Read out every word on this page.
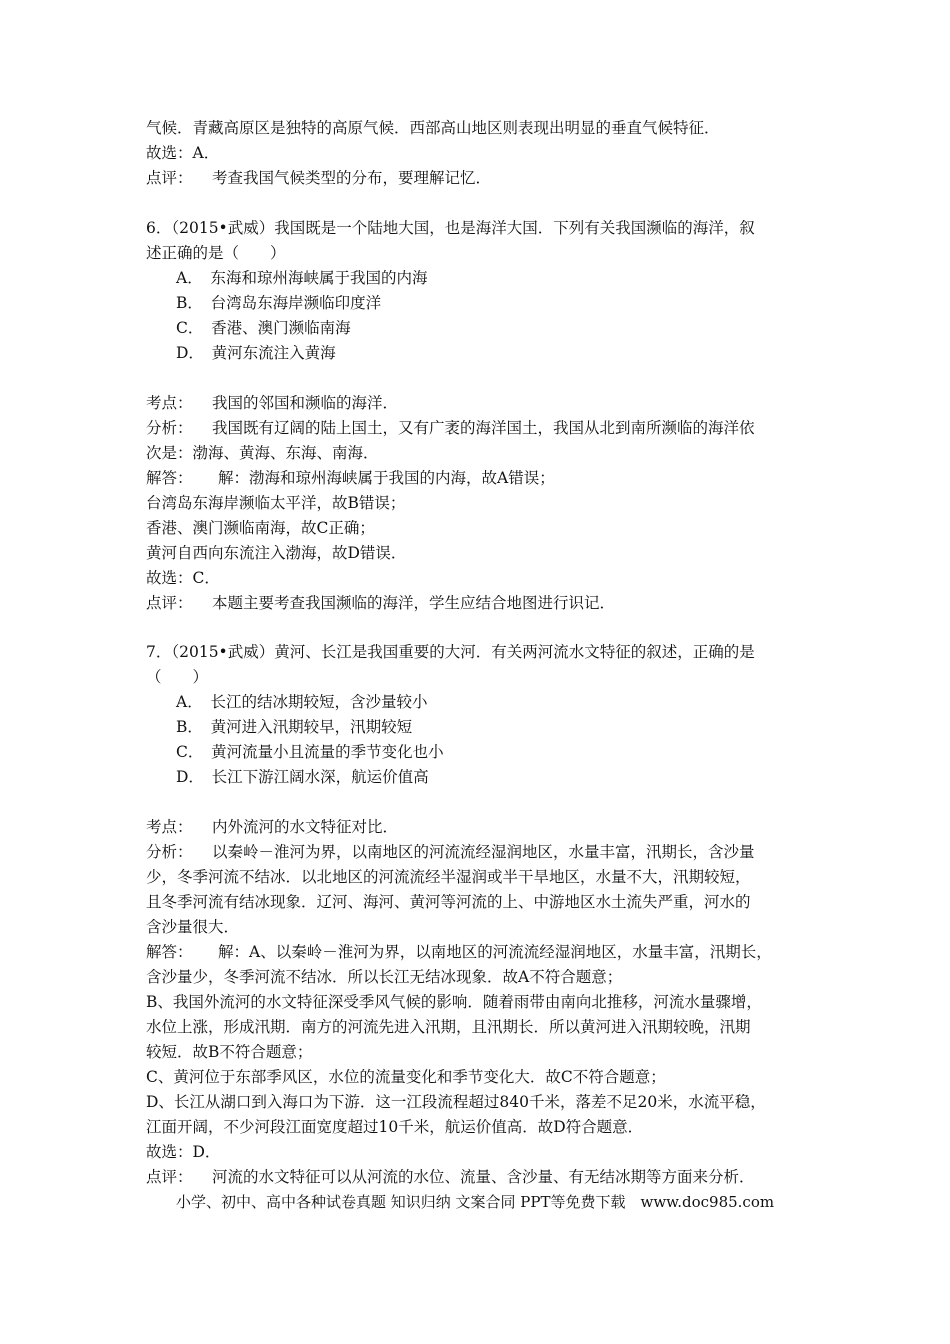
气候．青藏高原区是独特的高原气候．西部高山地区则表现出明显的垂直气候特征．
故选：A．
点评： 考查我国气候类型的分布，要理解记忆．
6．（2015•武威）我国既是一个陆地大国，也是海洋大国．下列有关我国濒临的海洋，叙
述正确的是（　　）
A．　东海和琼州海峡属于我国的内海
B．　台湾岛东海岸濒临印度洋
C．　香港、澳门濒临南海
D．　黄河东流注入黄海
考点： 我国的邻国和濒临的海洋．
分析： 我国既有辽阔的陆上国土，又有广袤的海洋国土，我国从北到南所濒临的海洋依
次是：渤海、黄海、东海、南海．
解答： 解：渤海和琼州海峡属于我国的内海，故A错误；
台湾岛东海岸濒临太平洋，故B错误；
香港、澳门濒临南海，故C正确；
黄河自西向东流注入渤海，故D错误．
故选：C．
点评： 本题主要考查我国濒临的海洋，学生应结合地图进行识记．
7．（2015•武威）黄河、长江是我国重要的大河．有关两河流水文特征的叙述，正确的是
（　　）
A．　长江的结冰期较短，含沙量较小
B．　黄河进入汛期较早，汛期较短
C．　黄河流量小且流量的季节变化也小
D．　长江下游江阔水深，航运价值高
考点： 内外流河的水文特征对比．
分析： 以秦岭－淮河为界，以南地区的河流流经湿润地区，水量丰富，汛期长，含沙量
少，冬季河流不结冰．以北地区的河流流经半湿润或半干旱地区，水量不大，汛期较短，
且冬季河流有结冰现象．辽河、海河、黄河等河流的上、中游地区水土流失严重，河水的
含沙量很大．
解答： 解：A、以秦岭－淮河为界，以南地区的河流流经湿润地区，水量丰富，汛期长，
含沙量少，冬季河流不结冰．所以长江无结冰现象．故A不符合题意；
B、我国外流河的水文特征深受季风气候的影响．随着雨带由南向北推移，河流水量骤增，
水位上涨，形成汛期．南方的河流先进入汛期，且汛期长．所以黄河进入汛期较晚，汛期
较短．故B不符合题意；
C、黄河位于东部季风区，水位的流量变化和季节变化大．故C不符合题意；
D、长江从湖口到入海口为下游．这一江段流程超过840千米，落差不足20米，水流平稳，
江面开阔，不少河段江面宽度超过10千米，航运价值高．故D符合题意．
故选：D．
点评： 河流的水文特征可以从河流的水位、流量、含沙量、有无结冰期等方面来分析．
小学、初中、高中各种试卷真题 知识归纳 文案合同 PPT等免费下载　www.doc985.com
